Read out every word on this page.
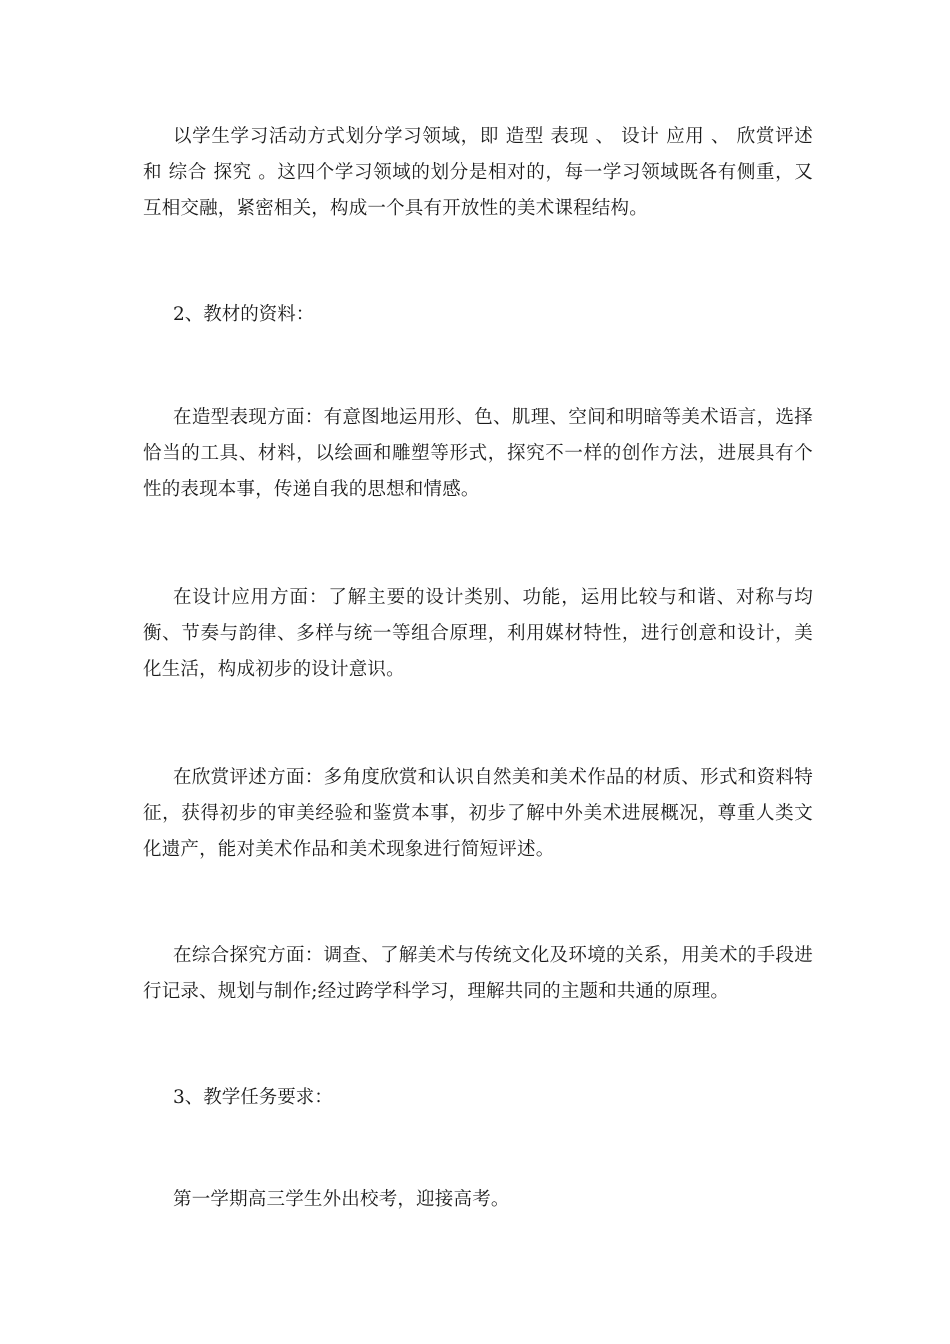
以学生学习活动方式划分学习领域，即 造型 表现 、 设计 应用 、 欣赏评述 和 综合 探究 。这四个学习领域的划分是相对的，每一学习领域既各有侧重，又互相交融，紧密相关，构成一个具有开放性的美术课程结构。

2、教材的资料：

在造型表现方面：有意图地运用形、色、肌理、空间和明暗等美术语言，选择恰当的工具、材料，以绘画和雕塑等形式，探究不一样的创作方法，进展具有个性的表现本事，传递自我的思想和情感。

在设计应用方面：了解主要的设计类别、功能，运用比较与和谐、对称与均衡、节奏与韵律、多样与统一等组合原理，利用媒材特性，进行创意和设计，美化生活，构成初步的设计意识。

在欣赏评述方面：多角度欣赏和认识自然美和美术作品的材质、形式和资料特征，获得初步的审美经验和鉴赏本事，初步了解中外美术进展概况，尊重人类文化遗产，能对美术作品和美术现象进行简短评述。

在综合探究方面：调查、了解美术与传统文化及环境的关系，用美术的手段进行记录、规划与制作;经过跨学科学习，理解共同的主题和共通的原理。

3、教学任务要求：

第一学期高三学生外出校考，迎接高考。
